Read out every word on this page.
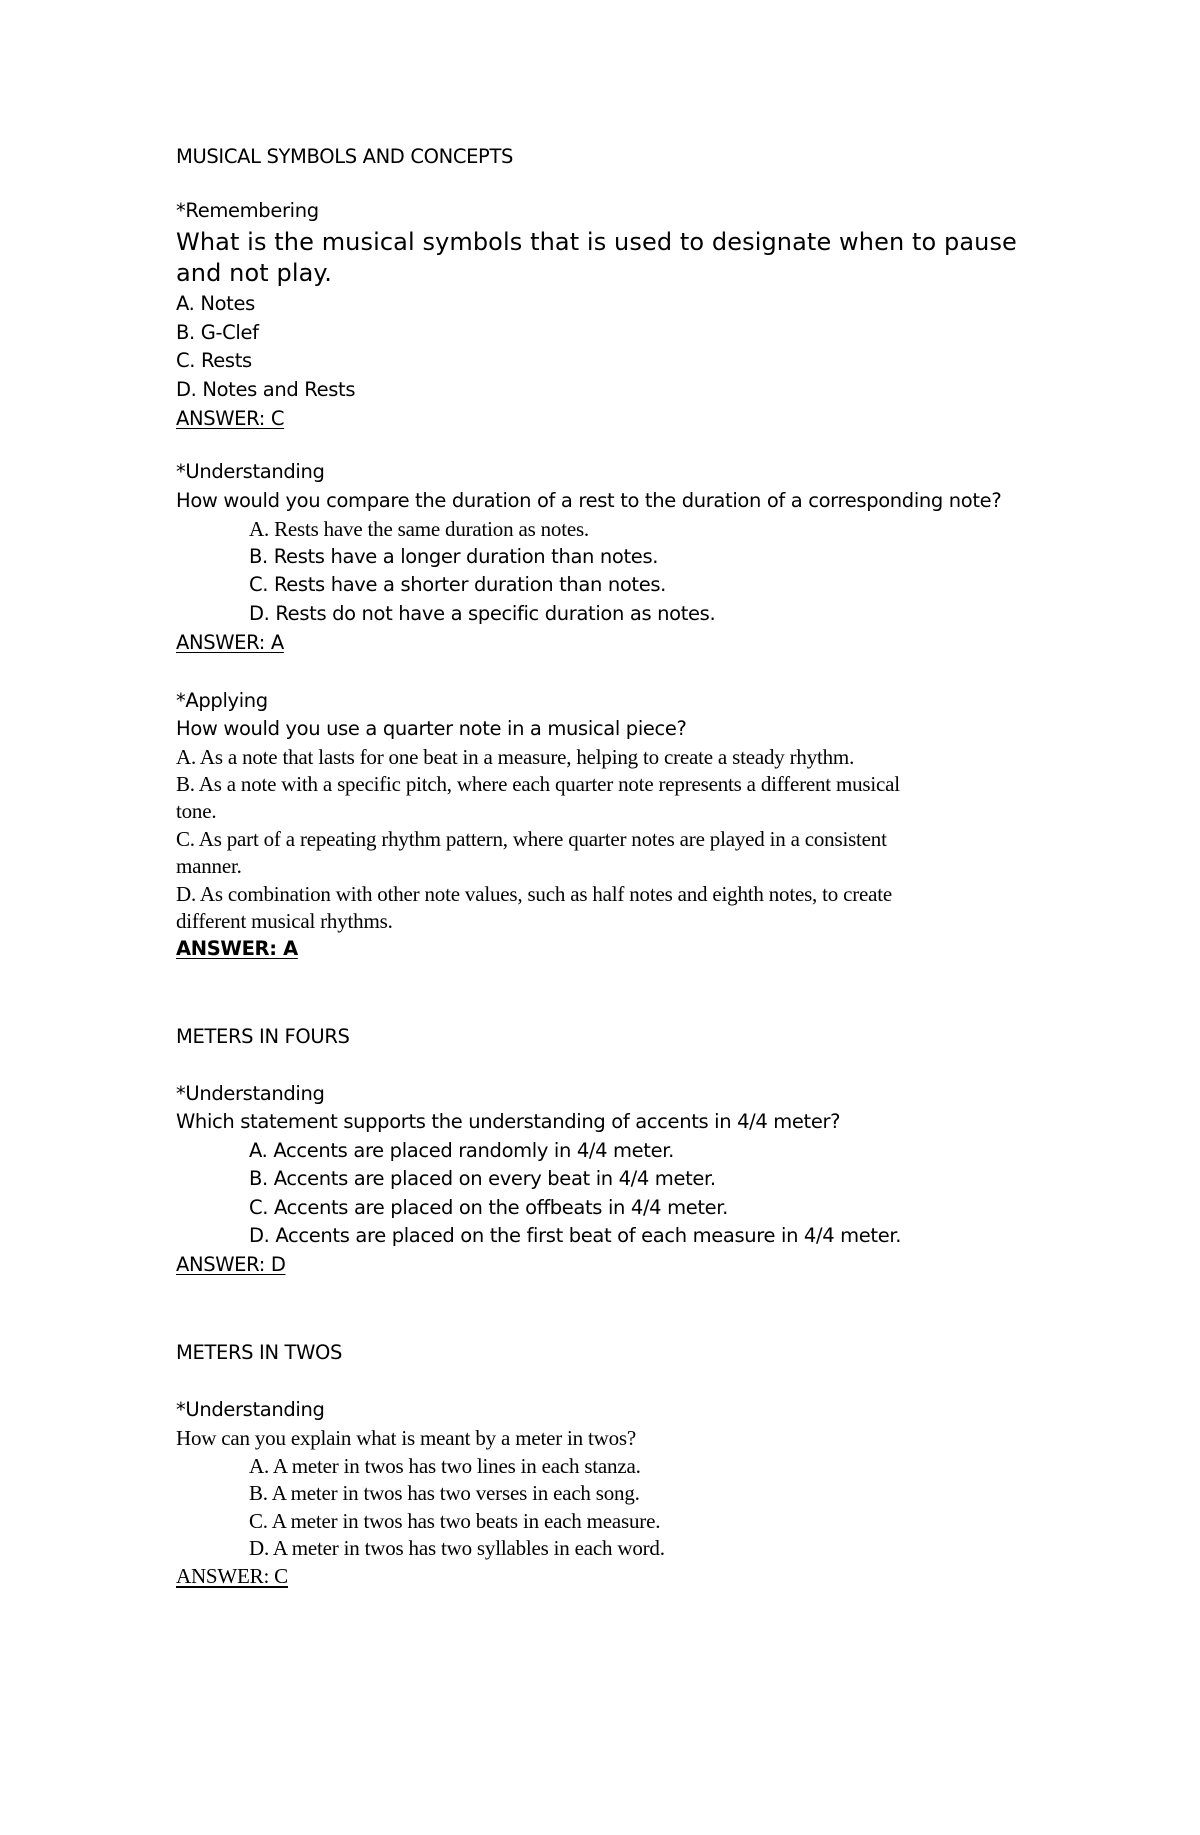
MUSICAL SYMBOLS AND CONCEPTS
*Remembering
What is the musical symbols that is used to designate when to pause
and not play.
A. Notes
B. G-Clef
C. Rests
D. Notes and Rests
ANSWER: C
*Understanding
How would you compare the duration of a rest to the duration of a corresponding note?
A. Rests have the same duration as notes.
B. Rests have a longer duration than notes.
C. Rests have a shorter duration than notes.
D. Rests do not have a specific duration as notes.
ANSWER: A
*Applying
How would you use a quarter note in a musical piece?
A. As a note that lasts for one beat in a measure, helping to create a steady rhythm.
B. As a note with a specific pitch, where each quarter note represents a different musical
tone.
C. As part of a repeating rhythm pattern, where quarter notes are played in a consistent
manner.
D. As combination with other note values, such as half notes and eighth notes, to create
different musical rhythms.
ANSWER: A
METERS IN FOURS
*Understanding
Which statement supports the understanding of accents in 4/4 meter?
A. Accents are placed randomly in 4/4 meter.
B. Accents are placed on every beat in 4/4 meter.
C. Accents are placed on the offbeats in 4/4 meter.
D. Accents are placed on the first beat of each measure in 4/4 meter.
ANSWER: D
METERS IN TWOS
*Understanding
How can you explain what is meant by a meter in twos?
A. A meter in twos has two lines in each stanza.
B. A meter in twos has two verses in each song.
C. A meter in twos has two beats in each measure.
D. A meter in twos has two syllables in each word.
ANSWER: C
